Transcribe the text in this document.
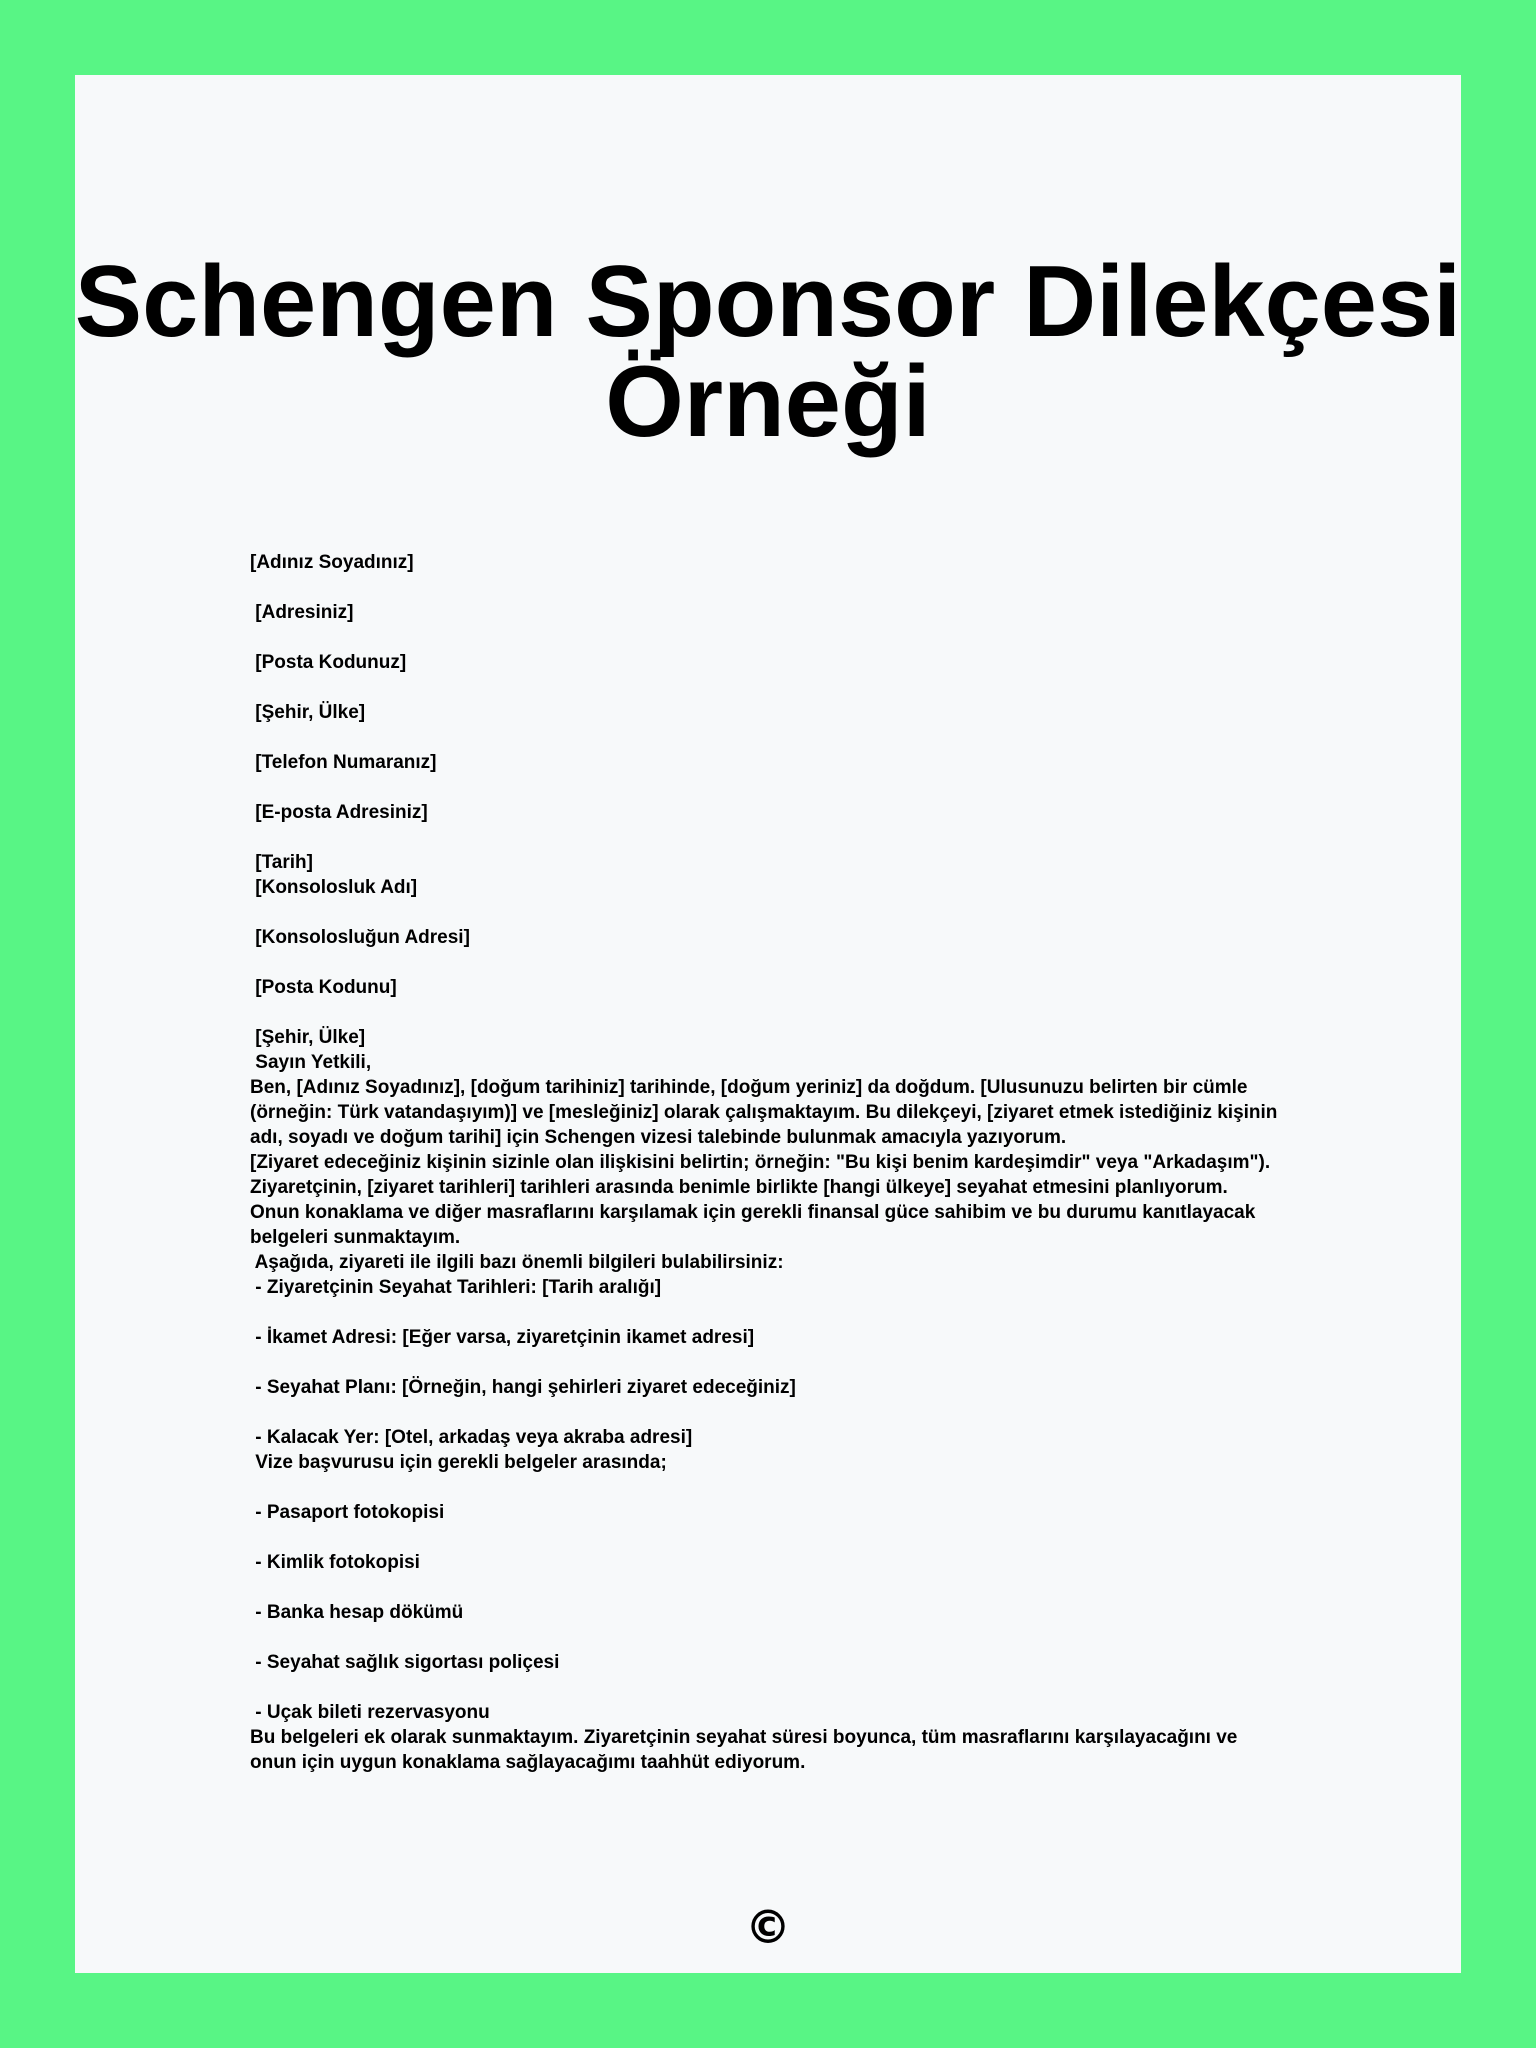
Schengen Sponsor Dilekçesi
Örneği
[Adınız Soyadınız]
[Adresiniz]
[Posta Kodunuz]
[Şehir, Ülke]
[Telefon Numaranız]
[E-posta Adresiniz]
[Tarih]
[Konsolosluk Adı]
[Konsolosluğun Adresi]
[Posta Kodunu]
[Şehir, Ülke]
Sayın Yetkili,
Ben, [Adınız Soyadınız], [doğum tarihiniz] tarihinde, [doğum yeriniz] da doğdum. [Ulusunuzu belirten bir cümle (örneğin: Türk vatandaşıyım)] ve [mesleğiniz] olarak çalışmaktayım. Bu dilekçeyi, [ziyaret etmek istediğiniz kişinin adı, soyadı ve doğum tarihi] için Schengen vizesi talebinde bulunmak amacıyla yazıyorum.
[Ziyaret edeceğiniz kişinin sizinle olan ilişkisini belirtin; örneğin: "Bu kişi benim kardeşimdir" veya "Arkadaşım").
Ziyaretçinin, [ziyaret tarihleri] tarihleri arasında benimle birlikte [hangi ülkeye] seyahat etmesini planlıyorum. Onun konaklama ve diğer masraflarını karşılamak için gerekli finansal güce sahibim ve bu durumu kanıtlayacak belgeleri sunmaktayım.
Aşağıda, ziyareti ile ilgili bazı önemli bilgileri bulabilirsiniz:
- Ziyaretçinin Seyahat Tarihleri: [Tarih aralığı]
- İkamet Adresi: [Eğer varsa, ziyaretçinin ikamet adresi]
- Seyahat Planı: [Örneğin, hangi şehirleri ziyaret edeceğiniz]
- Kalacak Yer: [Otel, arkadaş veya akraba adresi]
Vize başvurusu için gerekli belgeler arasında;
- Pasaport fotokopisi
- Kimlik fotokopisi
- Banka hesap dökümü
- Seyahat sağlık sigortası poliçesi
- Uçak bileti rezervasyonu
Bu belgeleri ek olarak sunmaktayım. Ziyaretçinin seyahat süresi boyunca, tüm masraflarını karşılayacağını ve onun için uygun konaklama sağlayacağımı taahhüt ediyorum.
©
